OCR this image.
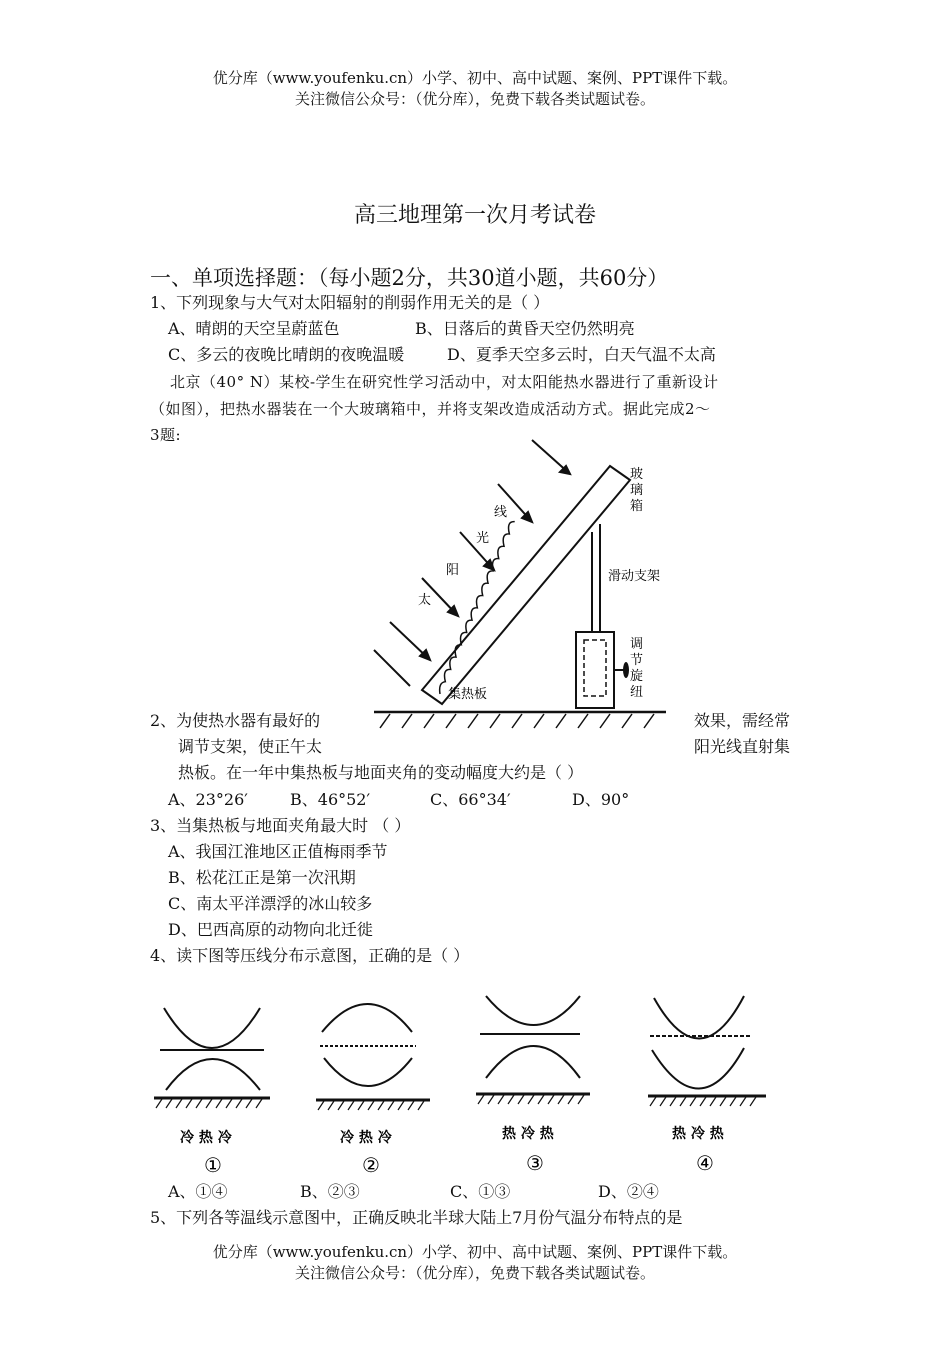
优分库（www.youfenku.cn）小学、初中、高中试题、案例、PPT课件下载。
关注微信公众号：（优分库），免费下载各类试题试卷。
高三地理第一次月考试卷
一、单项选择题：（每小题2分，共30道小题，共60分）
1、下列现象与大气对太阳辐射的削弱作用无关的是（ ）
A、晴朗的天空呈蔚蓝色	B、日落后的黄昏天空仍然明亮
C、多云的夜晚比晴朗的夜晚温暖	D、夏季天空多云时，白天气温不太高
北京（40° N）某校-学生在研究性学习活动中，对太阳能热水器进行了重新设计
（如图），把热水器装在一个大玻璃箱中，并将支架改造成活动方式。据此完成2～
3题:
线
光
阳
太
滑动支架
玻
璃
箱
调
节
旋
纽
集热板
2、为使热水器有最好的	效果，需经常
调节支架，使正午太	阳光线直射集
热板。在一年中集热板与地面夹角的变动幅度大约是（ ）
A、23°26′	B、46°52′	C、66°34′	D、90°
3、当集热板与地面夹角最大时 （ ）
A、我国江淮地区正值梅雨季节
B、松花江正是第一次汛期
C、南太平洋漂浮的冰山较多
D、巴西高原的动物向北迁徙
4、读下图等压线分布示意图，正确的是（ ）
冷 热 冷	冷 热 冷	热 冷 热	热 冷 热
①	②	③	④
A、①④	B、②③	C、①③	D、②④
5、下列各等温线示意图中，正确反映北半球大陆上7月份气温分布特点的是
优分库（www.youfenku.cn）小学、初中、高中试题、案例、PPT课件下载。
关注微信公众号：（优分库），免费下载各类试题试卷。
